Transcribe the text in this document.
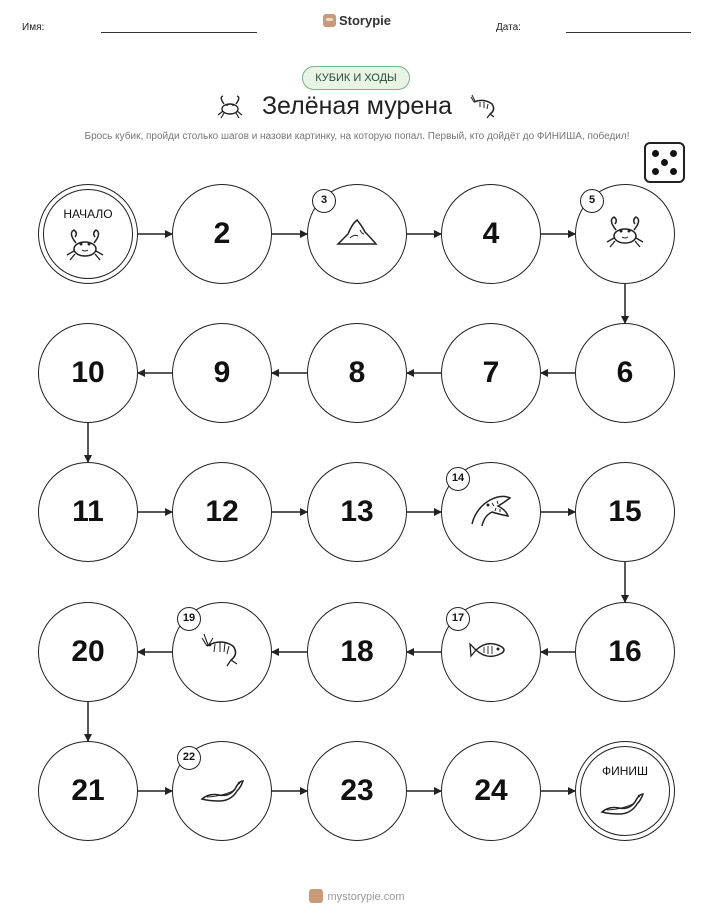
Имя:	Storypie	Дата:
КУБИК И ХОДЫ
Зелёная мурена
Брось кубик, пройди столько шагов и назови картинку, на которую попал. Первый, кто дойдёт до ФИНИША, победил!
НАЧАЛО
2
3
4
5
6
7
8
9
10
11	12	13
14
15
16
17
18
19
20
21
22
23	24
ФИНИШ
mystorypie.com
